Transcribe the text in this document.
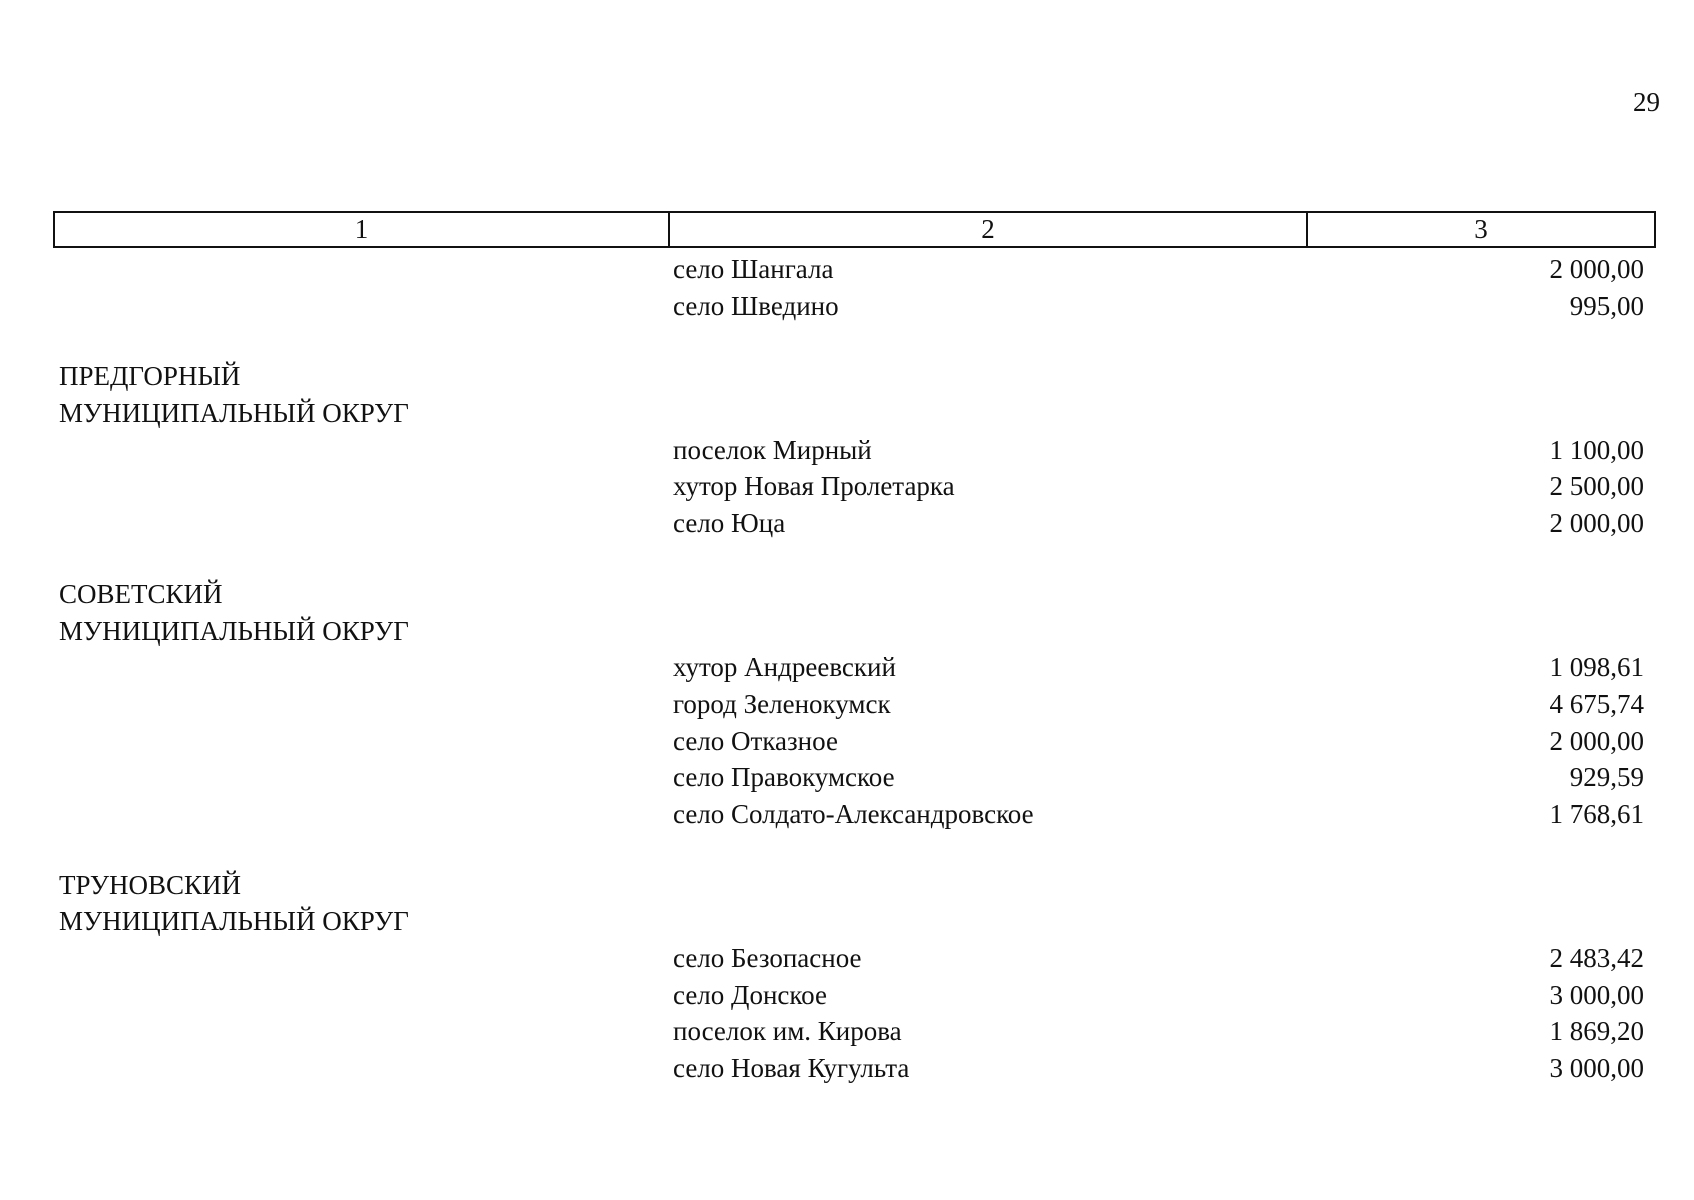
29
1	2	3
село Шангала	2 000,00
село Шведино	995,00
ПРЕДГОРНЫЙ
МУНИЦИПАЛЬНЫЙ ОКРУГ
поселок Мирный	1 100,00
хутор Новая Пролетарка	2 500,00
село Юца	2 000,00
СОВЕТСКИЙ
МУНИЦИПАЛЬНЫЙ ОКРУГ
хутор Андреевский	1 098,61
город Зеленокумск	4 675,74
село Отказное	2 000,00
село Правокумское	929,59
село Солдато-Александровское	1 768,61
ТРУНОВСКИЙ
МУНИЦИПАЛЬНЫЙ ОКРУГ
село Безопасное	2 483,42
село Донское	3 000,00
поселок им. Кирова	1 869,20
село Новая Кугульта	3 000,00
